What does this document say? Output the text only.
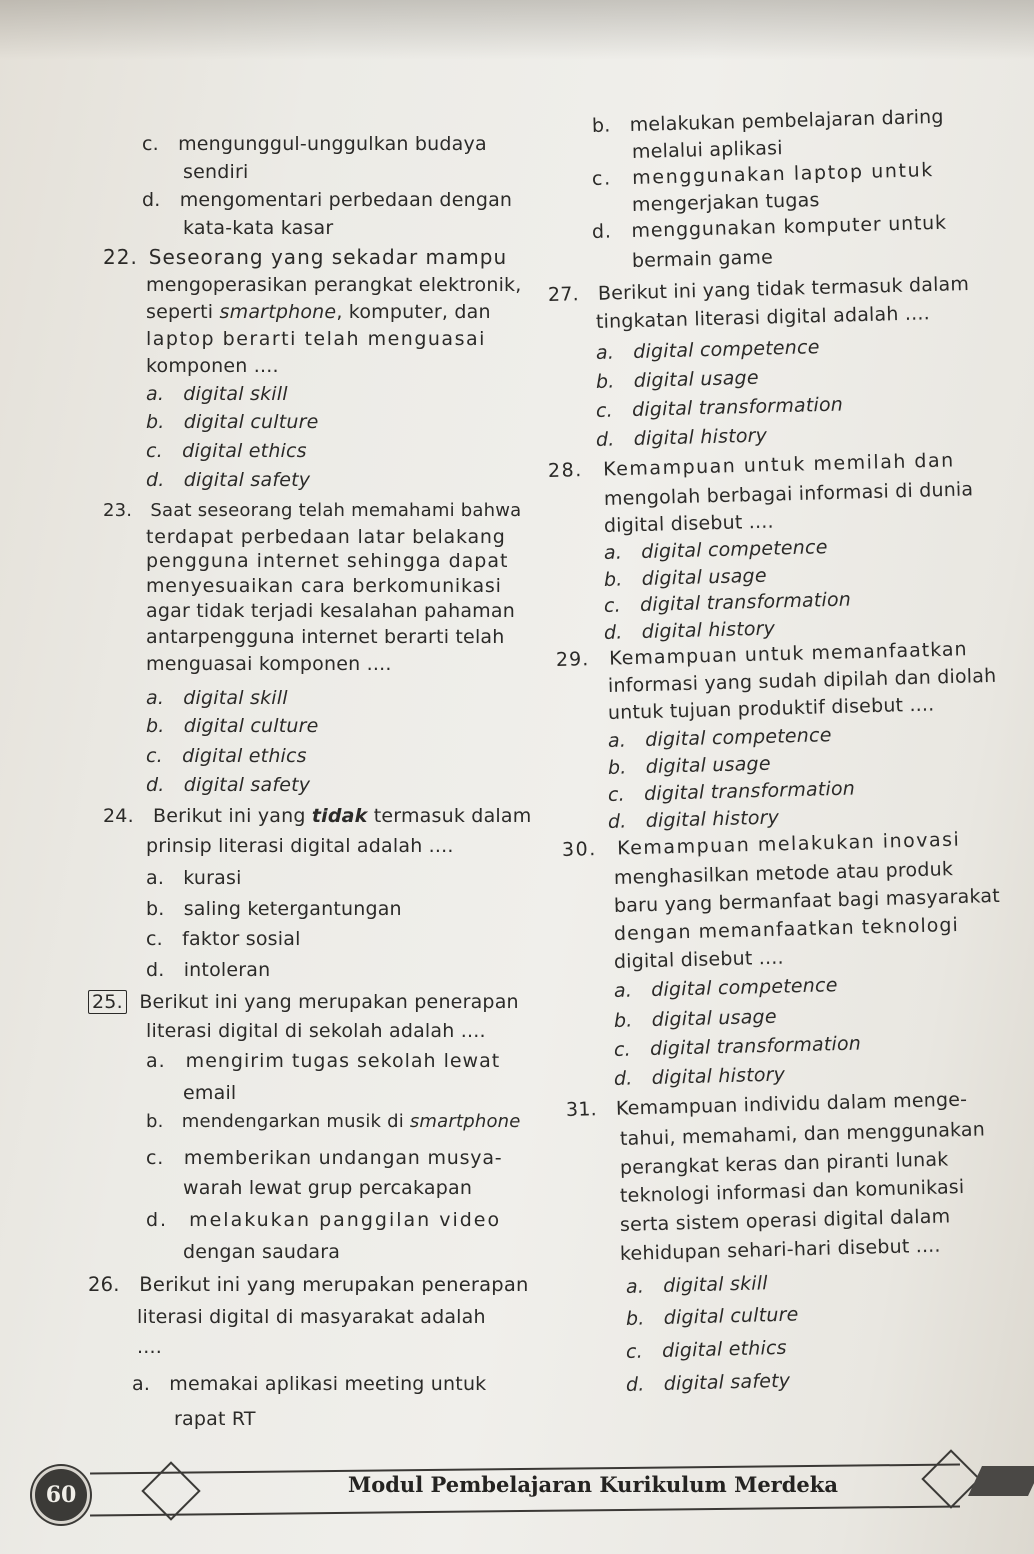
c. mengunggul-unggulkan budaya
sendiri
d. mengomentari perbedaan dengan
kata-kata kasar
22. Seseorang yang sekadar mampu
mengoperasikan perangkat elektronik,
seperti smartphone, komputer, dan
laptop berarti telah menguasai
komponen ....
a. digital skill
b. digital culture
c. digital ethics
d. digital safety
23. Saat seseorang telah memahami bahwa
terdapat perbedaan latar belakang
pengguna internet sehingga dapat
menyesuaikan cara berkomunikasi
agar tidak terjadi kesalahan pahaman
antarpengguna internet berarti telah
menguasai komponen ....
a. digital skill
b. digital culture
c. digital ethics
d. digital safety
24. Berikut ini yang tidak termasuk dalam
prinsip literasi digital adalah ....
a. kurasi
b. saling ketergantungan
c. faktor sosial
d. intoleran
25. Berikut ini yang merupakan penerapan
literasi digital di sekolah adalah ....
a. mengirim tugas sekolah lewat
email
b. mendengarkan musik di smartphone
c. memberikan undangan musya-
warah lewat grup percakapan
d. melakukan panggilan video
dengan saudara
26. Berikut ini yang merupakan penerapan
literasi digital di masyarakat adalah
....
a. memakai aplikasi meeting untuk
rapat RT
b. melakukan pembelajaran daring
melalui aplikasi
c. menggunakan laptop untuk
mengerjakan tugas
d. menggunakan komputer untuk
bermain game
27. Berikut ini yang tidak termasuk dalam
tingkatan literasi digital adalah ....
a. digital competence
b. digital usage
c. digital transformation
d. digital history
28. Kemampuan untuk memilah dan
mengolah berbagai informasi di dunia
digital disebut ....
a. digital competence
b. digital usage
c. digital transformation
d. digital history
29. Kemampuan untuk memanfaatkan
informasi yang sudah dipilah dan diolah
untuk tujuan produktif disebut ....
a. digital competence
b. digital usage
c. digital transformation
d. digital history
30. Kemampuan melakukan inovasi
menghasilkan metode atau produk
baru yang bermanfaat bagi masyarakat
dengan memanfaatkan teknologi
digital disebut ....
a. digital competence
b. digital usage
c. digital transformation
d. digital history
31. Kemampuan individu dalam menge-
tahui, memahami, dan menggunakan
perangkat keras dan piranti lunak
teknologi informasi dan komunikasi
serta sistem operasi digital dalam
kehidupan sehari-hari disebut ....
a. digital skill
b. digital culture
c. digital ethics
d. digital safety
60	Modul Pembelajaran Kurikulum Merdeka
